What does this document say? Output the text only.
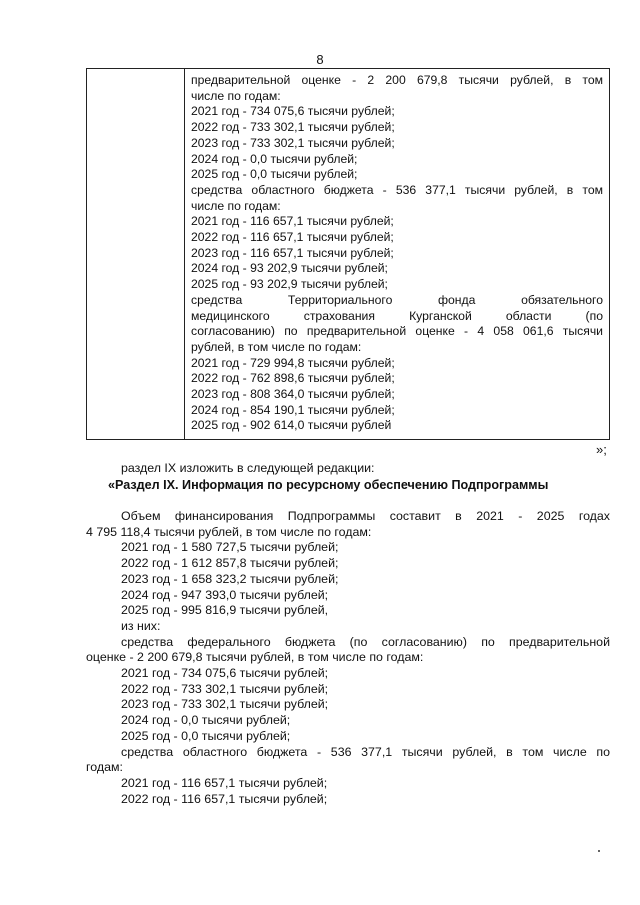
8
предварительной оценке - 2 200 679,8 тысячи рублей, в том
числе по годам:
2021 год - 734 075,6 тысячи рублей;
2022 год - 733 302,1 тысячи рублей;
2023 год - 733 302,1 тысячи рублей;
2024 год - 0,0 тысячи рублей;
2025 год - 0,0 тысячи рублей;
средства областного бюджета - 536 377,1 тысячи рублей, в том
числе по годам:
2021 год - 116 657,1 тысячи рублей;
2022 год - 116 657,1 тысячи рублей;
2023 год - 116 657,1 тысячи рублей;
2024 год - 93 202,9 тысячи рублей;
2025 год - 93 202,9 тысячи рублей;
средства Территориального фонда обязательного
медицинского страхования Курганской области (по
согласованию) по предварительной оценке - 4 058 061,6 тысячи
рублей, в том числе по годам:
2021 год - 729 994,8 тысячи рублей;
2022 год - 762 898,6 тысячи рублей;
2023 год - 808 364,0 тысячи рублей;
2024 год - 854 190,1 тысячи рублей;
2025 год - 902 614,0 тысячи рублей
»;
раздел IX изложить в следующей редакции:
«Раздел IX. Информация по ресурсному обеспечению Подпрограммы
Объем финансирования Подпрограммы составит в 2021 - 2025 годах
4 795 118,4 тысячи рублей, в том числе по годам:
2021 год - 1 580 727,5 тысячи рублей;
2022 год - 1 612 857,8 тысячи рублей;
2023 год - 1 658 323,2 тысячи рублей;
2024 год - 947 393,0 тысячи рублей;
2025 год - 995 816,9 тысячи рублей,
из них:
средства федерального бюджета (по согласованию) по предварительной
оценке - 2 200 679,8 тысячи рублей, в том числе по годам:
2021 год - 734 075,6 тысячи рублей;
2022 год - 733 302,1 тысячи рублей;
2023 год - 733 302,1 тысячи рублей;
2024 год - 0,0 тысячи рублей;
2025 год - 0,0 тысячи рублей;
средства областного бюджета - 536 377,1 тысячи рублей, в том числе по
годам:
2021 год - 116 657,1 тысячи рублей;
2022 год - 116 657,1 тысячи рублей;
